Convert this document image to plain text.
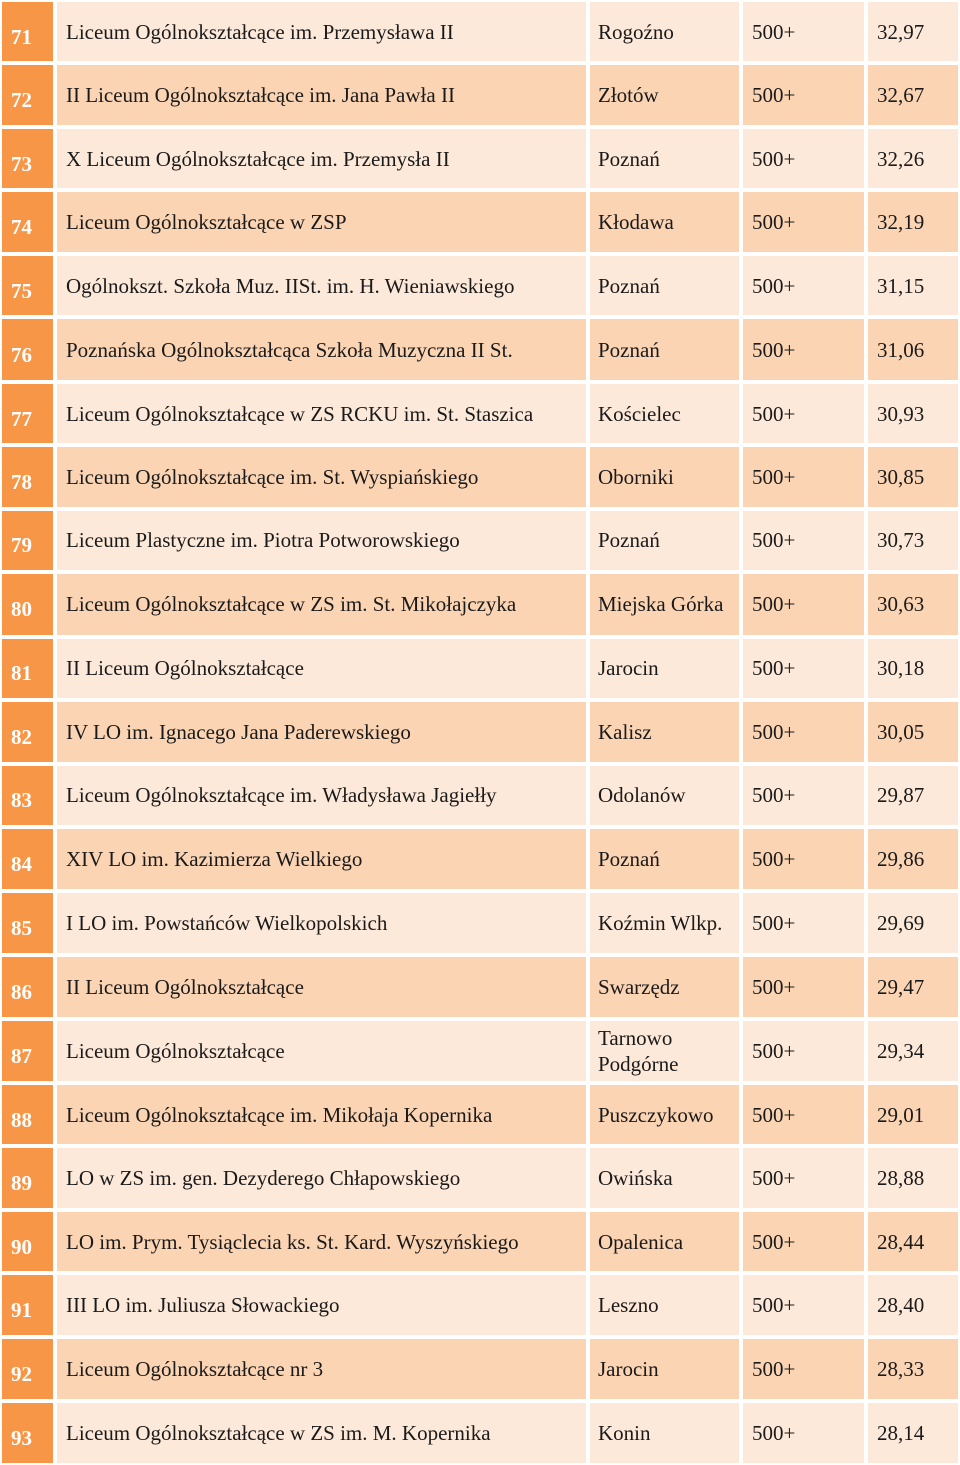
71	Liceum Ogólnokształcące im. Przemysława II	Rogoźno	500+	32,97
72	II Liceum Ogólnokształcące im. Jana Pawła II	Złotów	500+	32,67
73	X Liceum Ogólnokształcące im. Przemysła II	Poznań	500+	32,26
74	Liceum Ogólnokształcące w ZSP	Kłodawa	500+	32,19
75	Ogólnokszt. Szkoła Muz. IISt. im. H. Wieniawskiego	Poznań	500+	31,15
76	Poznańska Ogólnokształcąca Szkoła Muzyczna II St.	Poznań	500+	31,06
77	Liceum Ogólnokształcące w ZS RCKU im. St. Staszica	Kościelec	500+	30,93
78	Liceum Ogólnokształcące im. St. Wyspiańskiego	Oborniki	500+	30,85
79	Liceum Plastyczne im. Piotra Potworowskiego	Poznań	500+	30,73
80	Liceum Ogólnokształcące w ZS im. St. Mikołajczyka	Miejska Górka	500+	30,63
81	II Liceum Ogólnokształcące	Jarocin	500+	30,18
82	IV LO im. Ignacego Jana Paderewskiego	Kalisz	500+	30,05
83	Liceum Ogólnokształcące im. Władysława Jagiełły	Odolanów	500+	29,87
84	XIV LO im. Kazimierza Wielkiego	Poznań	500+	29,86
85	I LO im. Powstańców Wielkopolskich	Koźmin Wlkp.	500+	29,69
86	II Liceum Ogólnokształcące	Swarzędz	500+	29,47
87	Liceum Ogólnokształcące	Tarnowo Podgórne	500+	29,34
88	Liceum Ogólnokształcące im. Mikołaja Kopernika	Puszczykowo	500+	29,01
89	LO w ZS im. gen. Dezyderego Chłapowskiego	Owińska	500+	28,88
90	LO im. Prym. Tysiąclecia ks. St. Kard. Wyszyńskiego	Opalenica	500+	28,44
91	III LO im. Juliusza Słowackiego	Leszno	500+	28,40
92	Liceum Ogólnokształcące nr 3	Jarocin	500+	28,33
93	Liceum Ogólnokształcące w ZS im. M. Kopernika	Konin	500+	28,14
